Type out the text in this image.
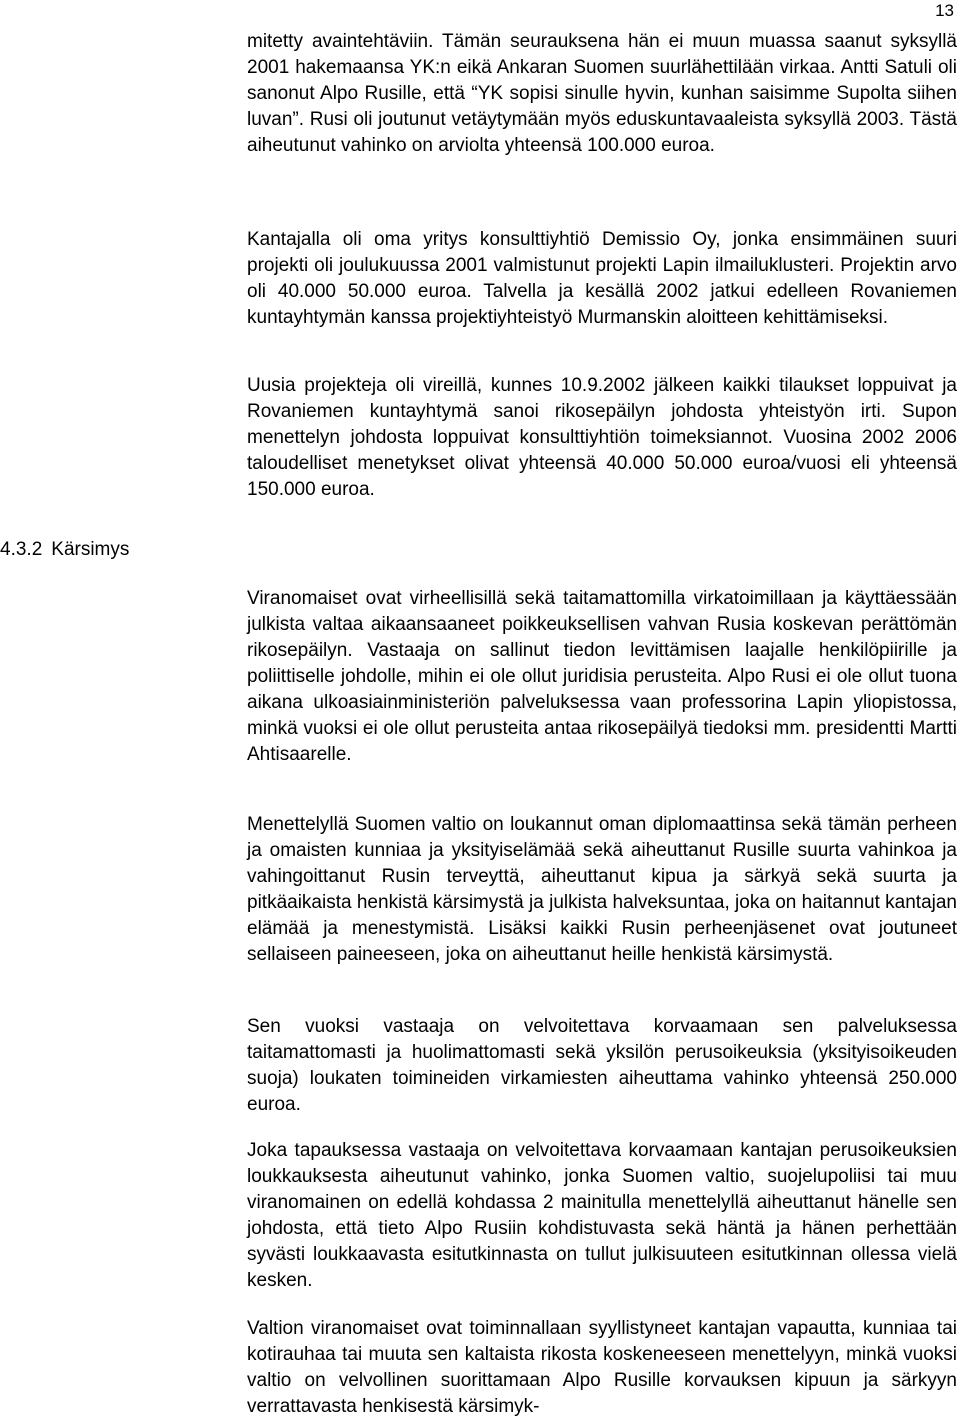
13

mitetty avaintehtäviin. Tämän seurauksena hän ei muun muassa saanut syksyllä 2001 hakemaansa YK:n eikä Ankaran Suomen suurlähettilään virkaa. Antti Satuli oli sanonut Alpo Rusille, että “YK sopisi sinulle hyvin, kunhan saisimme Supolta siihen luvan”. Rusi oli joutunut vetäytymään myös eduskuntavaaleista syksyllä 2003. Tästä aiheutunut vahinko on arviolta yhteensä 100.000 euroa.

Kantajalla oli oma yritys konsulttiyhtiö Demissio Oy, jonka ensimmäinen suuri projekti oli joulukuussa 2001 valmistunut projekti Lapin ilmailuklusteri. Projektin arvo oli 40.000 50.000 euroa. Talvella ja kesällä 2002 jatkui edelleen Rovaniemen kuntayhtymän kanssa projektiyhteistyö Murmanskin aloitteen kehittämiseksi.

Uusia projekteja oli vireillä, kunnes 10.9.2002 jälkeen kaikki tilaukset loppuivat ja Rovaniemen kuntayhtymä sanoi rikosepäilyn johdosta yhteistyön irti. Supon menettelyn johdosta loppuivat konsulttiyhtiön toimeksiannot. Vuosina 2002 2006 taloudelliset menetykset olivat yhteensä 40.000 50.000 euroa/vuosi eli yhteensä 150.000 euroa.

4.3.2 Kärsimys

Viranomaiset ovat virheellisillä sekä taitamattomilla virkatoimillaan ja käyttäessään julkista valtaa aikaansaaneet poikkeuksellisen vahvan Rusia koskevan perättömän rikosepäilyn. Vastaaja on sallinut tiedon levittämisen laajalle henkilöpiirille ja poliittiselle johdolle, mihin ei ole ollut juridisia perusteita. Alpo Rusi ei ole ollut tuona aikana ulkoasiainministeriön palveluksessa vaan professorina Lapin yliopistossa, minkä vuoksi ei ole ollut perusteita antaa rikosepäilyä tiedoksi mm. presidentti Martti Ahtisaarelle.

Menettelyllä Suomen valtio on loukannut oman diplomaattinsa sekä tämän perheen ja omaisten kunniaa ja yksityiselämää sekä aiheuttanut Rusille suurta vahinkoa ja vahingoittanut Rusin terveyttä, aiheuttanut kipua ja särkyä sekä suurta ja pitkäaikaista henkistä kärsimystä ja julkista halveksuntaa, joka on haitannut kantajan elämää ja menestymistä. Lisäksi kaikki Rusin perheenjäsenet ovat joutuneet sellaiseen paineeseen, joka on aiheuttanut heille henkistä kärsimystä.

Sen vuoksi vastaaja on velvoitettava korvaamaan sen palveluksessa taitamattomasti ja huolimattomasti sekä yksilön perusoikeuksia (yksityisoikeuden suoja) loukaten toimineiden virkamiesten aiheuttama vahinko yhteensä 250.000 euroa.

Joka tapauksessa vastaaja on velvoitettava korvaamaan kantajan perusoikeuksien loukkauksesta aiheutunut vahinko, jonka Suomen valtio, suojelupoliisi tai muu viranomainen on edellä kohdassa 2 mainitulla menettelyllä aiheuttanut hänelle sen johdosta, että tieto Alpo Rusiin kohdistuvasta sekä häntä ja hänen perhettään syvästi loukkaavasta esitutkinnasta on tullut julkisuuteen esitutkinnan ollessa vielä kesken.

Valtion viranomaiset ovat toiminnallaan syyllistyneet kantajan vapautta, kunniaa tai kotirauhaa tai muuta sen kaltaista rikosta koskeneeseen menettelyyn, minkä vuoksi valtio on velvollinen suorittamaan Alpo Rusille korvauksen kipuun ja särkyyn verrattavasta henkisestä kärsimyk-
